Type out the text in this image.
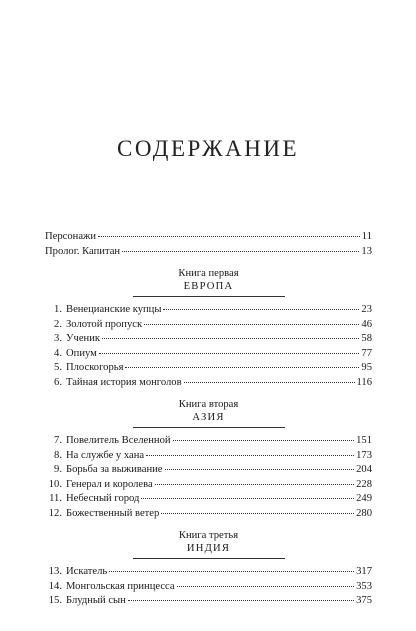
СОДЕРЖАНИЕ
Персонажи	11
Пролог. Капитан	13
Книга первая
ЕВРОПА
1. Венецианские купцы	23
2. Золотой пропуск	46
3. Ученик	58
4. Опиум	77
5. Плоскогорья	95
6. Тайная история монголов	116
Книга вторая
АЗИЯ
7. Повелитель Вселенной	151
8. На службе у хана	173
9. Борьба за выживание	204
10. Генерал и королева	228
11. Небесный город	249
12. Божественный ветер	280
Книга третья
ИНДИЯ
13. Искатель	317
14. Монгольская принцесса	353
15. Блудный сын	375
